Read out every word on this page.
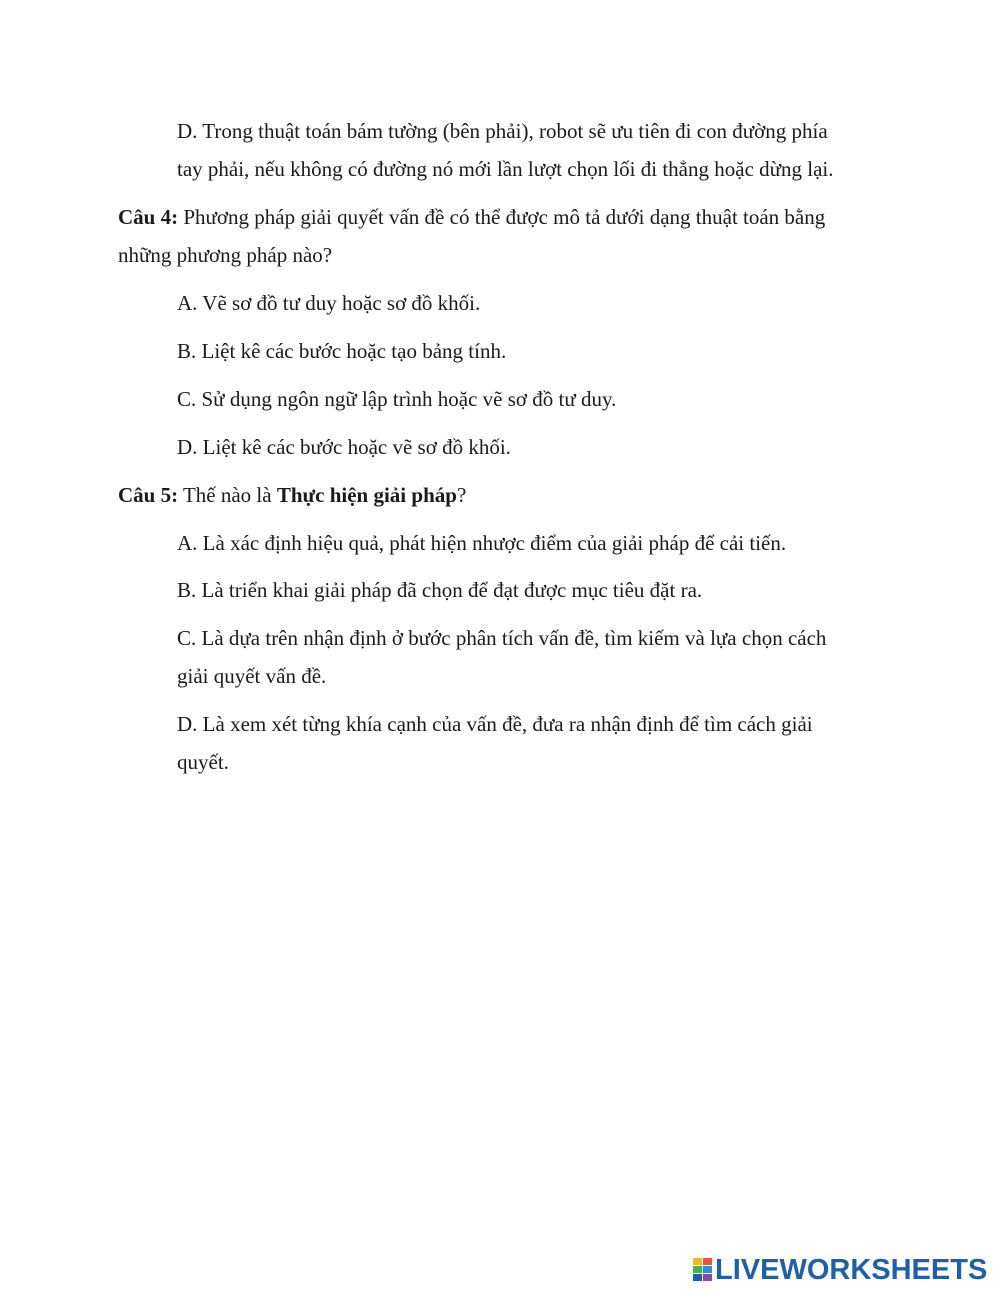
D. Trong thuật toán bám tường (bên phải), robot sẽ ưu tiên đi con đường phía
tay phải, nếu không có đường nó mới lần lượt chọn lối đi thẳng hoặc dừng lại.
Câu 4: Phương pháp giải quyết vấn đề có thể được mô tả dưới dạng thuật toán bằng
những phương pháp nào?
A. Vẽ sơ đồ tư duy hoặc sơ đồ khối.
B. Liệt kê các bước hoặc tạo bảng tính.
C. Sử dụng ngôn ngữ lập trình hoặc vẽ sơ đồ tư duy.
D. Liệt kê các bước hoặc vẽ sơ đồ khối.
Câu 5: Thế nào là Thực hiện giải pháp?
A. Là xác định hiệu quả, phát hiện nhược điểm của giải pháp để cải tiến.
B. Là triển khai giải pháp đã chọn để đạt được mục tiêu đặt ra.
C. Là dựa trên nhận định ở bước phân tích vấn đề, tìm kiếm và lựa chọn cách
giải quyết vấn đề.
D. Là xem xét từng khía cạnh của vấn đề, đưa ra nhận định để tìm cách giải
quyết.
LIVEWORKSHEETS
